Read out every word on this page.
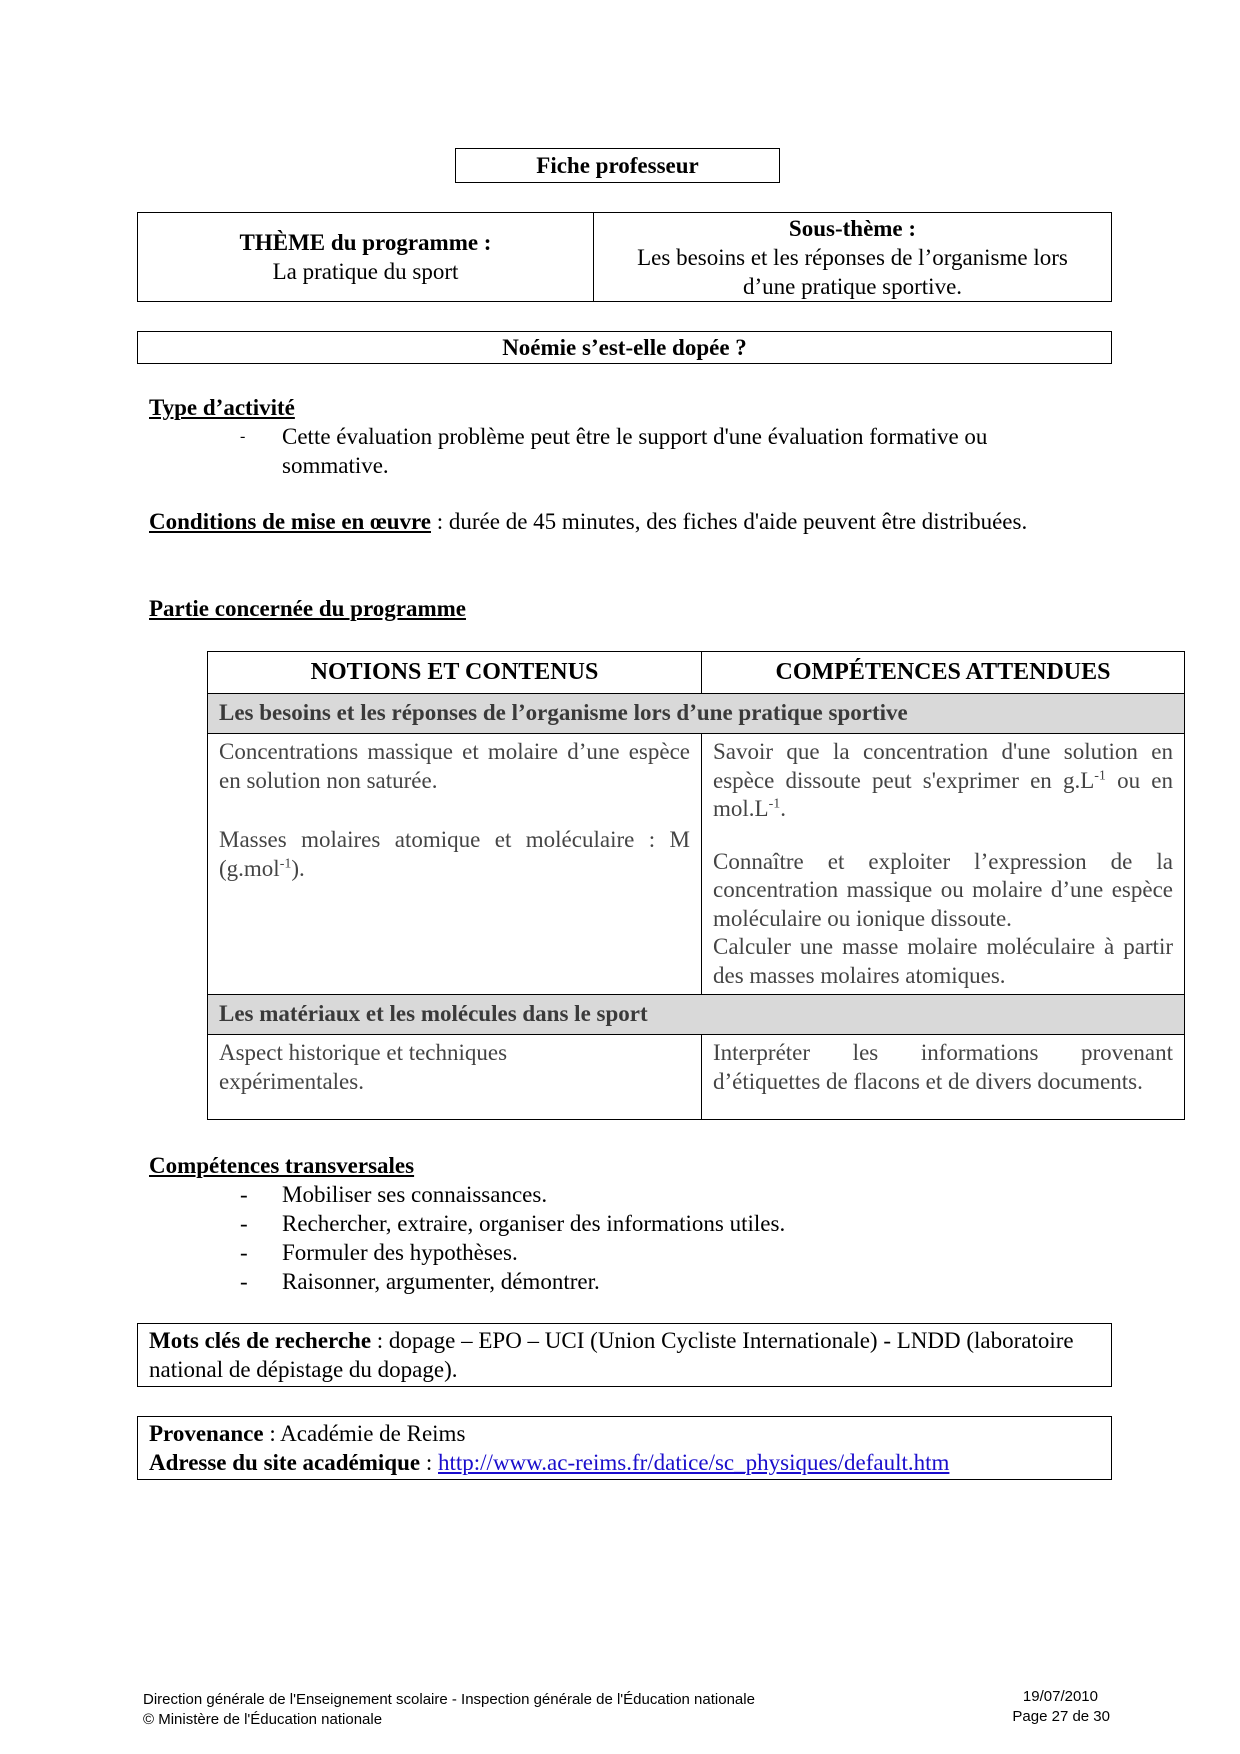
Fiche professeur
THÈME du programme :
La pratique du sport
Sous-thème :
Les besoins et les réponses de l’organisme lors d’une pratique sportive.
Noémie s’est-elle dopée ?
Type d’activité
- Cette évaluation problème peut être le support d'une évaluation formative ou sommative.
Conditions de mise en œuvre : durée de 45 minutes, des fiches d'aide peuvent être distribuées.
Partie concernée du programme
NOTIONS ET CONTENUS	COMPÉTENCES ATTENDUES
Les besoins et les réponses de l’organisme lors d’une pratique sportive
Concentrations massique et molaire d’une espèce en solution non saturée.
Masses molaires atomique et moléculaire : M (g.mol$^{-1}$).
Savoir que la concentration d'une solution en espèce dissoute peut s'exprimer en $g.L^{-1}$ ou en $mol.L^{-1}$.
Connaître et exploiter l’expression de la concentration massique ou molaire d’une espèce moléculaire ou ionique dissoute.
Calculer une masse molaire moléculaire à partir des masses molaires atomiques.
Les matériaux et les molécules dans le sport
Aspect historique et techniques expérimentales.
Interpréter les informations provenant d’étiquettes de flacons et de divers documents.
Compétences transversales
- Mobiliser ses connaissances.
- Rechercher, extraire, organiser des informations utiles.
- Formuler des hypothèses.
- Raisonner, argumenter, démontrer.
Mots clés de recherche : dopage – EPO – UCI (Union Cycliste Internationale) - LNDD (laboratoire national de dépistage du dopage).
Provenance : Académie de Reims
Adresse du site académique : http://www.ac-reims.fr/datice/sc_physiques/default.htm
Direction générale de l'Enseignement scolaire - Inspection générale de l'Éducation nationale
© Ministère de l'Éducation nationale
19/07/2010
Page 27 de 30
